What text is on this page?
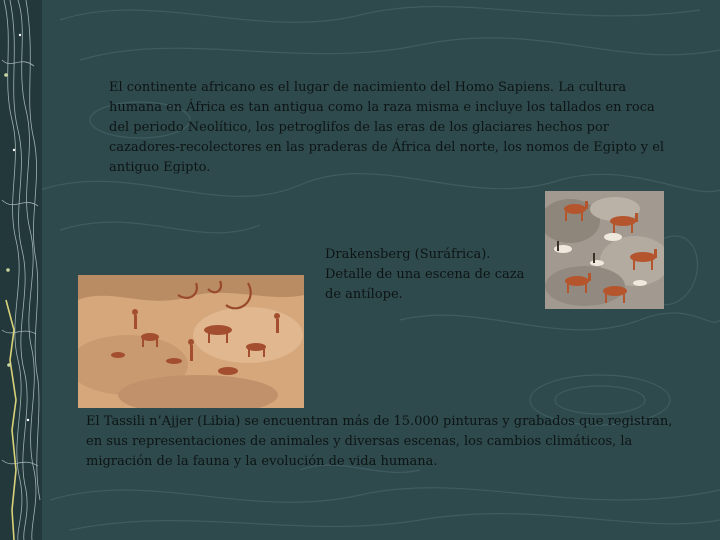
El continente africano es el lugar de nacimiento del Homo Sapiens. La cultura humana en África es tan antigua como la raza misma e incluye los tallados en roca del periodo Neolítico, los petroglifos de las eras de los glaciares hechos por cazadores-recolectores en las praderas de África del norte, los nomos de Egipto y el antiguo Egipto.

Drakensberg (Suráfrica). Detalle de una escena de caza de antílope.

El Tassili n’Ajjer (Libia) se encuentran más de 15.000 pinturas y grabados que registran, en sus representaciones de animales y diversas escenas, los cambios climáticos, la migración de la fauna y la evolución de vida humana.
